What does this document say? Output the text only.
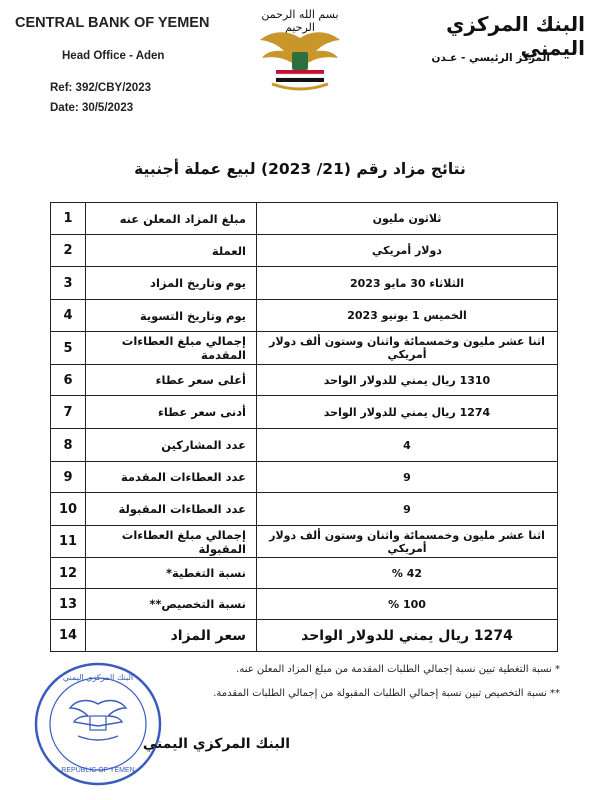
CENTRAL BANK OF YEMEN
Head Office - Aden
Ref: 392/CBY/2023
Date: 30/5/2023
بسم الله الرحمن الرحيم	البنك المركزي اليمني
المركز الرئيسي - عـدن
نتائج مزاد رقم (21/ 2023) لبيع عملة أجنبية
1	مبلغ المزاد المعلن عنه	ثلاثون مليون
2	العملة	دولار أمريكي
3	يوم وتاريخ المزاد	الثلاثاء 30 مايو 2023
4	يوم وتاريخ التسوية	الخميس 1 يونيو 2023
5	إجمالي مبلغ العطاءات المقدمة	اثنا عشر مليون وخمسمائة واثنان وستون ألف دولار أمريكي
6	أعلى سعر عطاء	1310 ريال يمني للدولار الواحد
7	أدنى سعر عطاء	1274 ريال يمني للدولار الواحد
8	عدد المشاركين	4
9	عدد العطاءات المقدمة	9
10	عدد العطاءات المقبولة	9
11	إجمالي مبلغ العطاءات المقبولة	اثنا عشر مليون وخمسمائة واثنان وستون ألف دولار أمريكي
12	نسبة التغطية*	42 %
13	نسبة التخصيص**	100 %
14	سعر المزاد	1274 ريال يمني للدولار الواحد
* نسبة التغطية تبين نسبة إجمالي الطلبات المقدمة من مبلغ المزاد المعلن عنه.
** نسبة التخصيص تبين نسبة إجمالي الطلبات المقبولة من إجمالي الطلبات المقدمة.
البنك المركزي اليمني
REPUBLIC OF YEMEN
البنك المركزي اليمني
